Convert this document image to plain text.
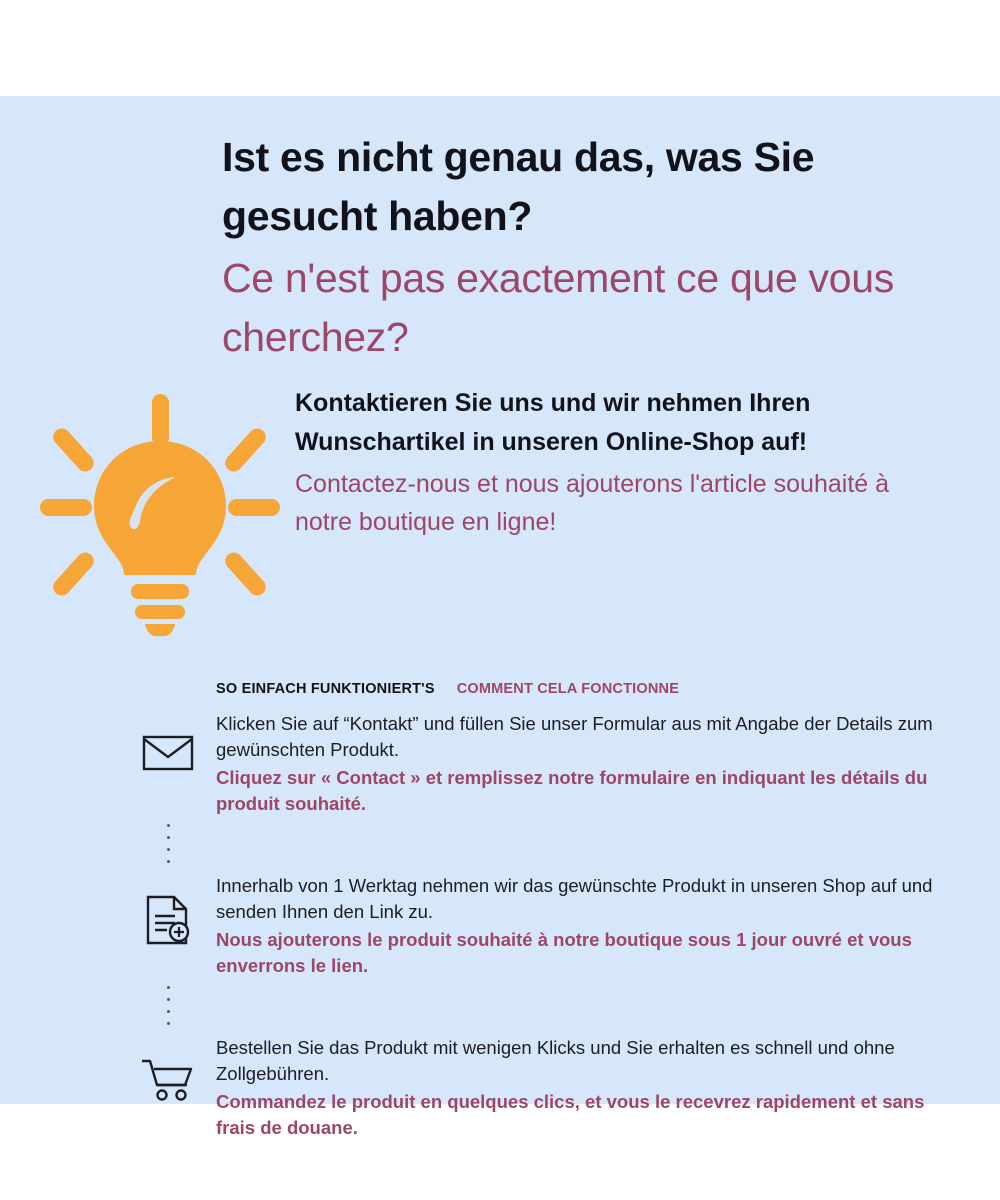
Ist es nicht genau das, was Sie gesucht haben?
Ce n'est pas exactement ce que vous cherchez?
Kontaktieren Sie uns und wir nehmen Ihren Wunschartikel in unseren Online-Shop auf!
Contactez-nous et nous ajouterons l'article souhaité à notre boutique en ligne!
SO EINFACH FUNKTIONIERT'S COMMENT CELA FONCTIONNE
Klicken Sie auf “Kontakt” und füllen Sie unser Formular aus mit Angabe der Details zum gewünschten Produkt.
Cliquez sur « Contact » et remplissez notre formulaire en indiquant les détails du produit souhaité.
Innerhalb von 1 Werktag nehmen wir das gewünschte Produkt in unseren Shop auf und senden Ihnen den Link zu.
Nous ajouterons le produit souhaité à notre boutique sous 1 jour ouvré et vous enverrons le lien.
Bestellen Sie das Produkt mit wenigen Klicks und Sie erhalten es schnell und ohne Zollgebühren.
Commandez le produit en quelques clics, et vous le recevrez rapidement et sans frais de douane.
